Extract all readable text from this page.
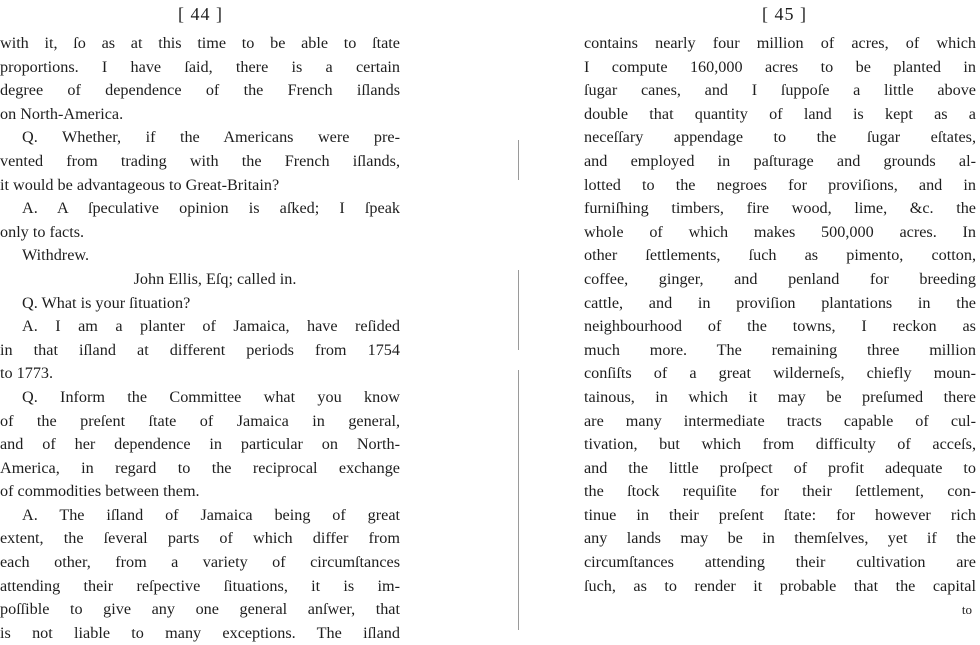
[ 44 ]
with it, ſo as at this time to be able to ſtate
proportions. I have ſaid, there is a certain
degree of dependence of the French iſlands
on North-America.
Q. Whether, if the Americans were pre-
vented from trading with the French iſlands,
it would be advantageous to Great-Britain?
A. A ſpeculative opinion is aſked; I ſpeak
only to facts.
Withdrew.
John Ellis, Eſq; called in.
Q. What is your ſituation?
A. I am a planter of Jamaica, have reſided
in that iſland at different periods from 1754
to 1773.
Q. Inform the Committee what you know
of the preſent ſtate of Jamaica in general,
and of her dependence in particular on North-
America, in regard to the reciprocal exchange
of commodities between them.
A. The iſland of Jamaica being of great
extent, the ſeveral parts of which differ from
each other, from a variety of circumſtances
attending their reſpective ſituations, it is im-
poſſible to give any one general anſwer, that
is not liable to many exceptions. The iſland
[ 45 ]
contains nearly four million of acres, of which
I compute 160,000 acres to be planted in
ſugar canes, and I ſuppoſe a little above
double that quantity of land is kept as a
neceſſary appendage to the ſugar eſtates,
and employed in paſturage and grounds al-
lotted to the negroes for proviſions, and in
furniſhing timbers, fire wood, lime, &c. the
whole of which makes 500,000 acres. In
other ſettlements, ſuch as pimento, cotton,
coffee, ginger, and penland for breeding
cattle, and in proviſion plantations in the
neighbourhood of the towns, I reckon as
much more. The remaining three million
conſiſts of a great wilderneſs, chiefly moun-
tainous, in which it may be preſumed there
are many intermediate tracts capable of cul-
tivation, but which from difficulty of acceſs,
and the little proſpect of profit adequate to
the ſtock requiſite for their ſettlement, con-
tinue in their preſent ſtate: for however rich
any lands may be in themſelves, yet if the
circumſtances attending their cultivation are
ſuch, as to render it probable that the capital
to
